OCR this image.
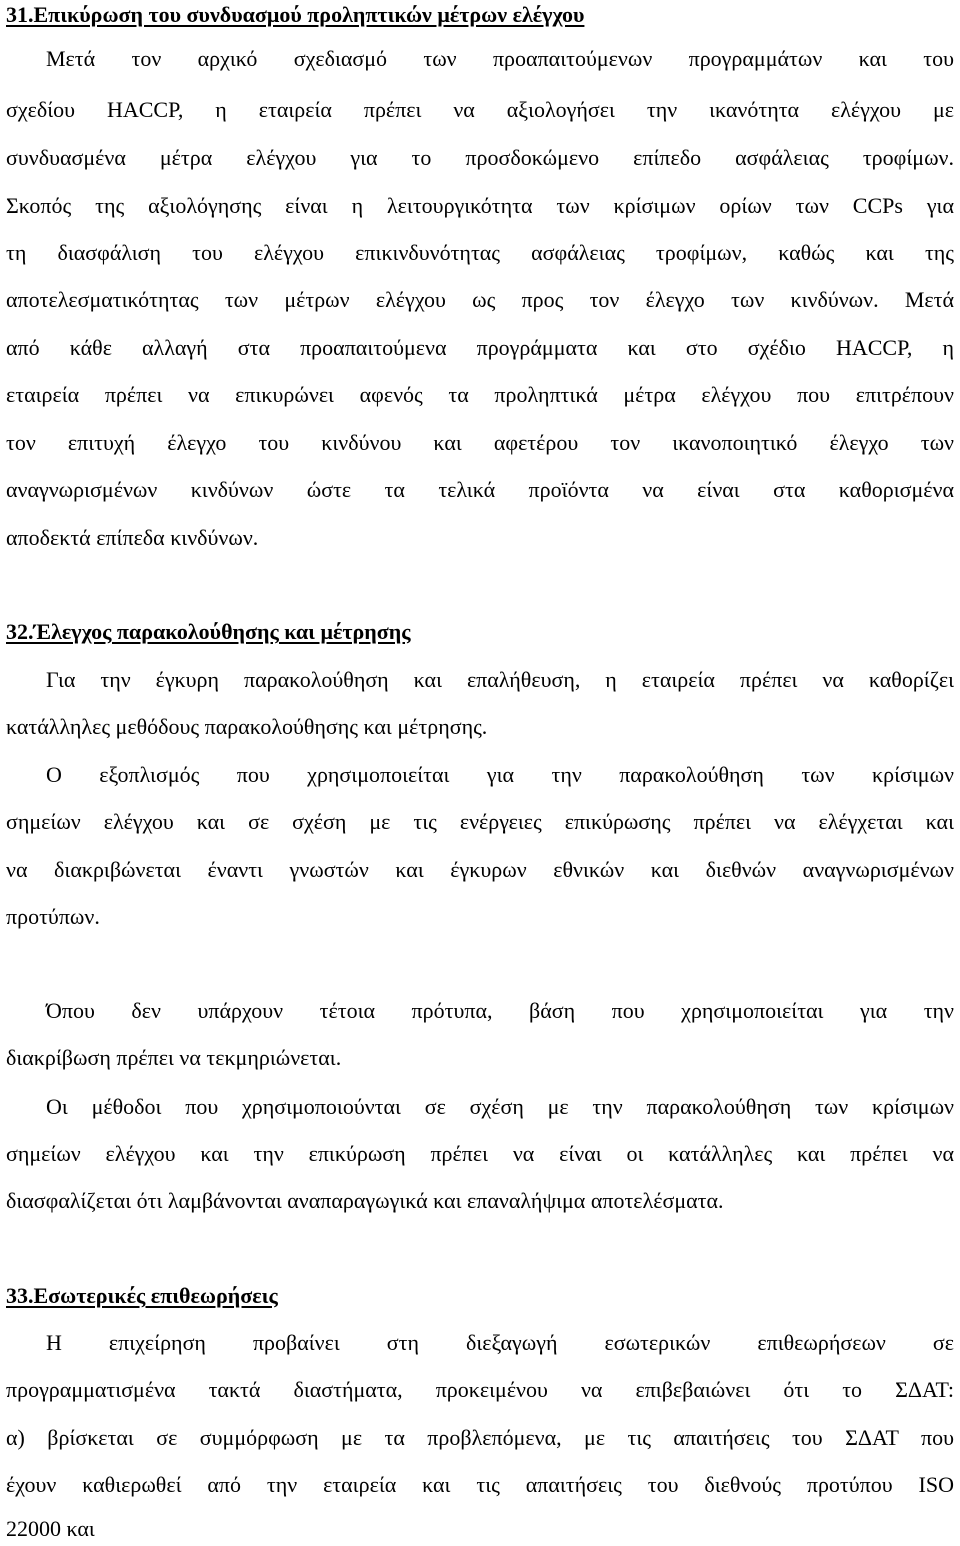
31.Επικύρωση του συνδυασμού προληπτικών μέτρων ελέγχου
Μετά τον αρχικό σχεδιασμό των προαπαιτούμενων προγραμμάτων και του
σχεδίου HACCP, η εταιρεία πρέπει να αξιολογήσει την ικανότητα ελέγχου με
συνδυασμένα μέτρα ελέγχου για το προσδοκώμενο επίπεδο ασφάλειας τροφίμων.
Σκοπός της αξιολόγησης είναι η λειτουργικότητα των κρίσιμων ορίων των CCPs για
τη διασφάλιση του ελέγχου επικινδυνότητας ασφάλειας τροφίμων, καθώς και της
αποτελεσματικότητας των μέτρων ελέγχου ως προς τον έλεγχο των κινδύνων. Μετά
από κάθε αλλαγή στα προαπαιτούμενα προγράμματα και στο σχέδιο HACCP, η
εταιρεία πρέπει να επικυρώνει αφενός τα προληπτικά μέτρα ελέγχου που επιτρέπουν
τον επιτυχή έλεγχο του κινδύνου και αφετέρου τον ικανοποιητικό έλεγχο των
αναγνωρισμένων κινδύνων ώστε τα τελικά προϊόντα να είναι στα καθορισμένα
αποδεκτά επίπεδα κινδύνων.
32.Έλεγχος παρακολούθησης και μέτρησης
Για την έγκυρη παρακολούθηση και επαλήθευση, η εταιρεία πρέπει να καθορίζει
κατάλληλες μεθόδους παρακολούθησης και μέτρησης.
Ο εξοπλισμός που χρησιμοποιείται για την παρακολούθηση των κρίσιμων
σημείων ελέγχου και σε σχέση με τις ενέργειες επικύρωσης πρέπει να ελέγχεται και
να διακριβώνεται έναντι γνωστών και έγκυρων εθνικών και διεθνών αναγνωρισμένων
προτύπων.
Όπου δεν υπάρχουν τέτοια πρότυπα, βάση που χρησιμοποιείται για την
διακρίβωση πρέπει να τεκμηριώνεται.
Οι μέθοδοι που χρησιμοποιούνται σε σχέση με την παρακολούθηση των κρίσιμων
σημείων ελέγχου και την επικύρωση πρέπει να είναι οι κατάλληλες και πρέπει να
διασφαλίζεται ότι λαμβάνονται αναπαραγωγικά και επαναλήψιμα αποτελέσματα.
33.Εσωτερικές επιθεωρήσεις
Η επιχείρηση προβαίνει στη διεξαγωγή εσωτερικών επιθεωρήσεων σε
προγραμματισμένα τακτά διαστήματα, προκειμένου να επιβεβαιώνει ότι το ΣΔΑΤ:
α) βρίσκεται σε συμμόρφωση με τα προβλεπόμενα, με τις απαιτήσεις του ΣΔΑΤ που
έχουν καθιερωθεί από την εταιρεία και τις απαιτήσεις του διεθνούς προτύπου ISO
22000 και
